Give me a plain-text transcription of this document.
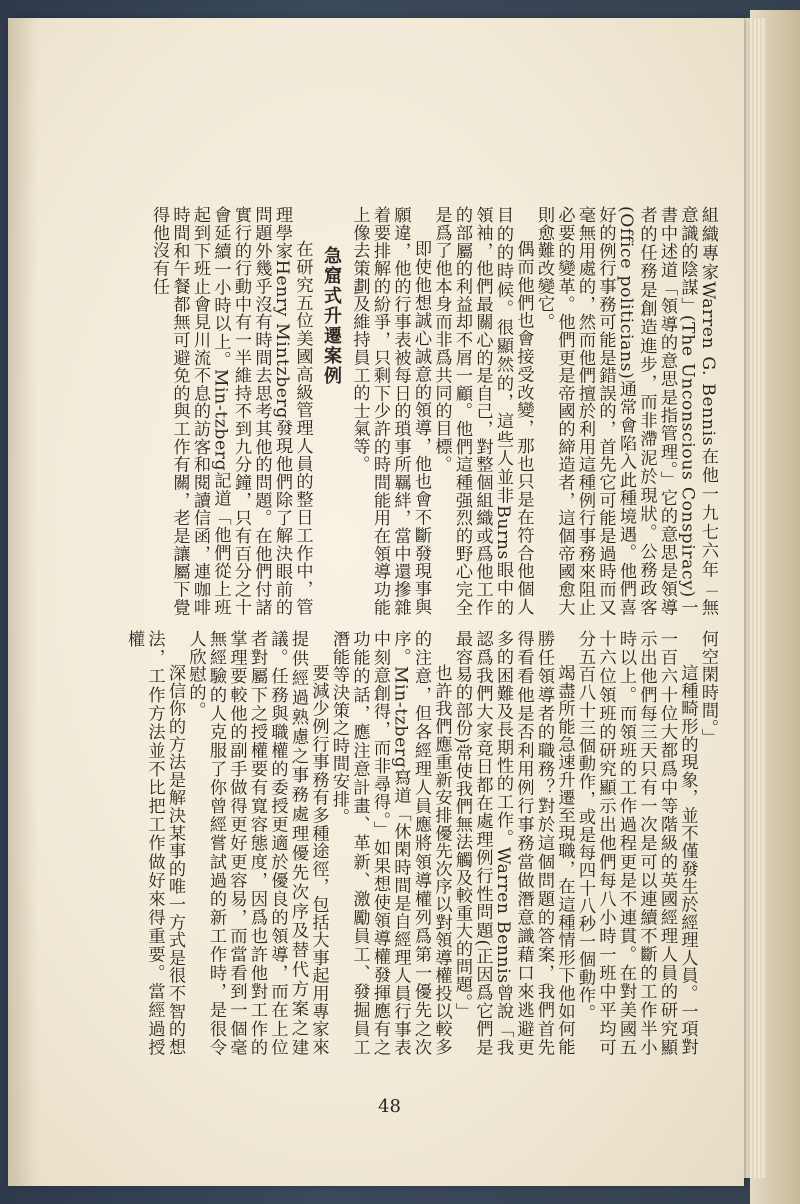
組織專家Warren G. Bennis在他一九七六年「無意識的陰謀」(The Unconscious Conspiracy)一書中述道「領導的意思是指管理。」它的意思是領導者的任務是創造進步，而非滯泥於現狀。公務政客(Office politicians)通常會陷入此種境遇。他們喜好的例行事務可能是錯誤的，首先它可能是過時而又毫無用處的，然而他們擅於利用這種例行事務來阻止必要的變革。他們更是帝國的締造者，這個帝國愈大則愈難改變它。

偶而他們也會接受改變，那也只是在符合他個人目的的時候。很顯然的，這些人並非Burns眼中的領袖，他們最關心的是自己，對整個組織或爲他工作的部屬的利益却不屑一顧。他們這種强烈的野心完全是爲了他本身而非爲共同的目標。

即使他想誠心誠意的領導，他也會不斷發現事與願違，他的行事表被每日的瑣事所羈絆，當中還摻雜着要排解的紛爭，只剩下少許的時間能用在領導功能上像去策劃及維持員工的士氣等。

急窟式升遷案例

在研究五位美國高級管理人員的整日工作中，管理學家Henry Mintzberg發現他們除了解決眼前的問題外幾乎沒有時間去思考其他的問題。在他們付諸實行的行動中有一半維持不到九分鐘，只有百分之十會延續一小時以上。Min-tzberg記道「他們從上班起到下班止會見川流不息的訪客和閱讀信函，連咖啡時間和午餐都無可避免的與工作有關，老是讓屬下覺得他沒有任

何空閑時間。」

這種畸形的現象，並不僅發生於經理人員。一項對一百六十位大都爲中等階級的英國經理人員的研究顯示出他們每三天只有一次是可以連續不斷的工作半小時以上。而領班的工作過程更是不連貫。在對美國五十六位領班的研究顯示出他們每八小時一班中平均可分五百八十三個動作，或是每四十八秒一個動作。

竭盡所能急速升遷至現職，在這種情形下他如何能勝任領導者的職務？對於這個問題的答案，我們首先得看看他是否利用例行事務當做潛意識藉口來逃避更多的困難及長期性的工作。Warren Bennis曾說「我認爲我們大家竟日都在處理例行性問題(正因爲它們是最容易的部份)常使我們無法觸及較重大的問題。」

也許我們應重新安排優先次序以對領導權投以較多的注意，但各經理人員應將領導權列爲第一優先之次序。Min-tzberg寫道「休閑時間是自經理人員行事表中刻意創得，而非尋得。」如果想使領導權發揮應有之功能的話，應注意計畫、革新、激勵員工、發掘員工潛能等決策之時間安排。

要減少例行事務有多種途徑，包括大事起用專家來提供經過熟慮之事務處理優先次序及替代方案之建議。任務與職權的委授更適於優良的領導，而在上位者對屬下之授權要有寬容態度，因爲也許他對工作的掌理要較他的副手做得更好更容易，而當看到一個毫無經驗的人克服了你曾經嘗試過的新工作時，是很令人欣慰的。

深信你的方法是解決某事的唯一方式是很不智的想法，工作方法並不比把工作做好來得重要。當經過授權

48
